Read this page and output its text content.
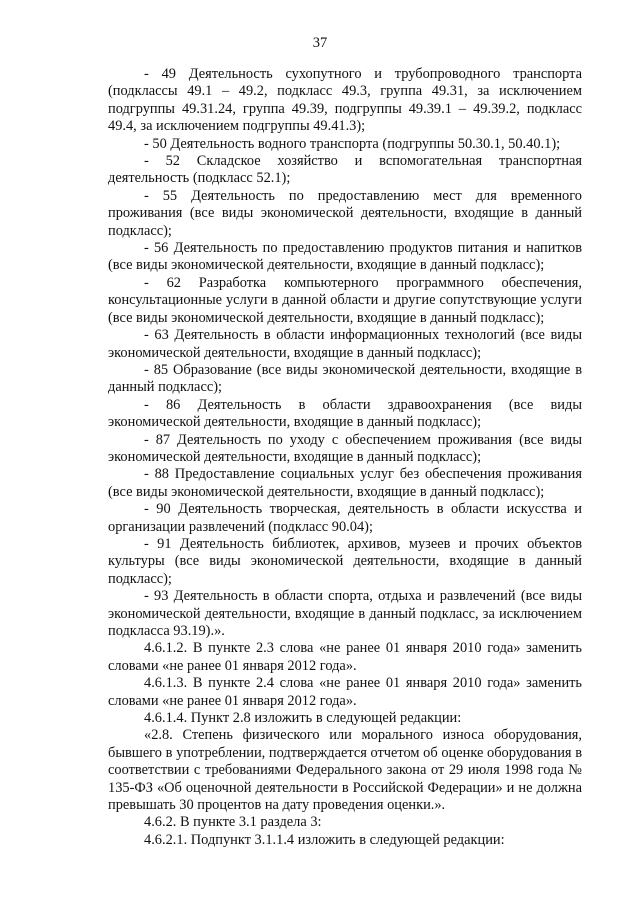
37

- 49 Деятельность сухопутного и трубопроводного транспорта (подклассы 49.1 – 49.2, подкласс 49.3, группа 49.31, за исключением подгруппы 49.31.24, группа 49.39, подгруппы 49.39.1 – 49.39.2, подкласс 49.4, за исключением подгруппы 49.41.3);

- 50 Деятельность водного транспорта (подгруппы 50.30.1, 50.40.1);

- 52 Складское хозяйство и вспомогательная транспортная деятельность (подкласс 52.1);

- 55 Деятельность по предоставлению мест для временного проживания (все виды экономической деятельности, входящие в данный подкласс);

- 56 Деятельность по предоставлению продуктов питания и напитков (все виды экономической деятельности, входящие в данный подкласс);

- 62 Разработка компьютерного программного обеспечения, консультационные услуги в данной области и другие сопутствующие услуги (все виды экономической деятельности, входящие в данный подкласс);

- 63 Деятельность в области информационных технологий (все виды экономической деятельности, входящие в данный подкласс);

- 85 Образование (все виды экономической деятельности, входящие в данный подкласс);

- 86 Деятельность в области здравоохранения (все виды экономической деятельности, входящие в данный подкласс);

- 87 Деятельность по уходу с обеспечением проживания (все виды экономической деятельности, входящие в данный подкласс);

- 88 Предоставление социальных услуг без обеспечения проживания (все виды экономической деятельности, входящие в данный подкласс);

- 90 Деятельность творческая, деятельность в области искусства и организации развлечений (подкласс 90.04);

- 91 Деятельность библиотек, архивов, музеев и прочих объектов культуры (все виды экономической деятельности, входящие в данный подкласс);

- 93 Деятельность в области спорта, отдыха и развлечений (все виды экономической деятельности, входящие в данный подкласс, за исключением подкласса 93.19).».

4.6.1.2. В пункте 2.3 слова «не ранее 01 января 2010 года» заменить словами «не ранее 01 января 2012 года».

4.6.1.3. В пункте 2.4 слова «не ранее 01 января 2010 года» заменить словами «не ранее 01 января 2012 года».

4.6.1.4. Пункт 2.8 изложить в следующей редакции:

«2.8. Степень физического или морального износа оборудования, бывшего в употреблении, подтверждается отчетом об оценке оборудования в соответствии с требованиями Федерального закона от 29 июля 1998 года № 135-ФЗ «Об оценочной деятельности в Российской Федерации» и не должна превышать 30 процентов на дату проведения оценки.».

4.6.2. В пункте 3.1 раздела 3:

4.6.2.1. Подпункт 3.1.1.4 изложить в следующей редакции:
